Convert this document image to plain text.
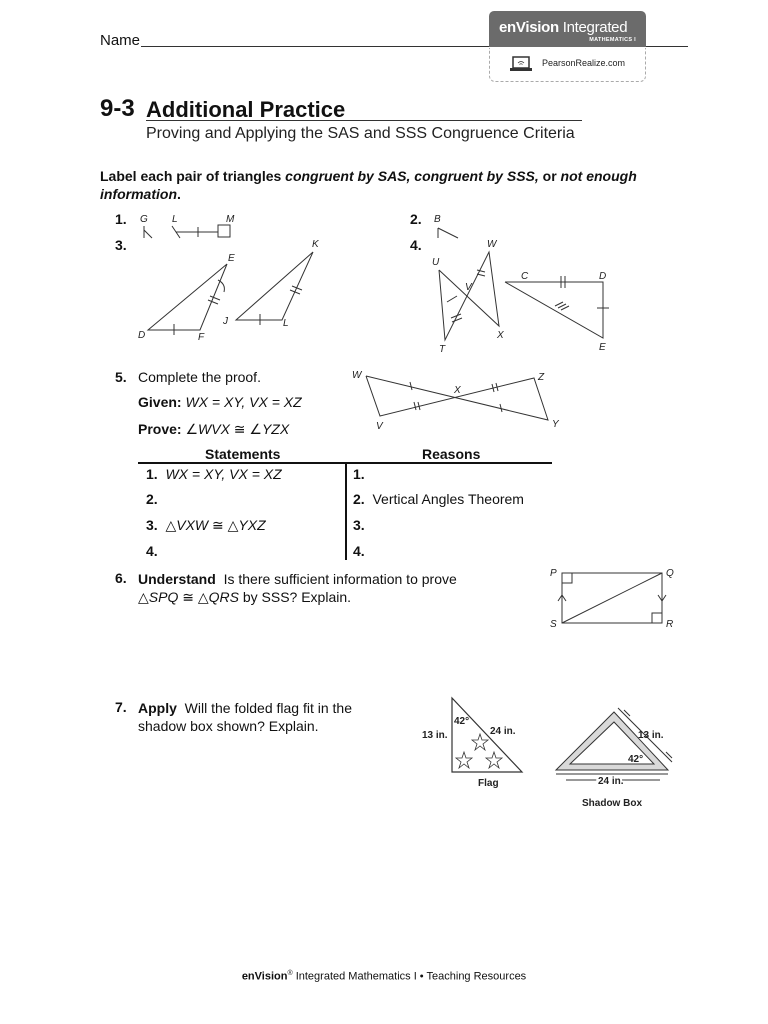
Name
enVision Integrated
MATHEMATICS I
PearsonRealize.com
9-3 Additional Practice
Proving and Applying the SAS and SSS Congruence Criteria
Label each pair of triangles congruent by SAS, congruent by SSS, or not enough information.
1.	2.
3.	4.
G L	M	B
E
D	F
K
J	L
W
U
V
T
X
C	D
E
5. Complete the proof.
Given: WX = XY, VX = XZ
Prove: ∠WVX ≅ ∠YZX
W
X
Z
V	Y
Statements	Reasons
1. WX = XY, VX = XZ	1.
2.	2. Vertical Angles Theorem
3. △VXW ≅ △YXZ	3.
4.	4.
6. Understand Is there sufficient information to prove
△SPQ ≅ △QRS by SSS? Explain.
P	Q
S	R
7. Apply Will the folded flag fit in the
shadow box shown? Explain.
13 in.	24 in.
42°
Flag
13 in.
42°
24 in.
Shadow Box
enVision® Integrated Mathematics I • Teaching Resources
